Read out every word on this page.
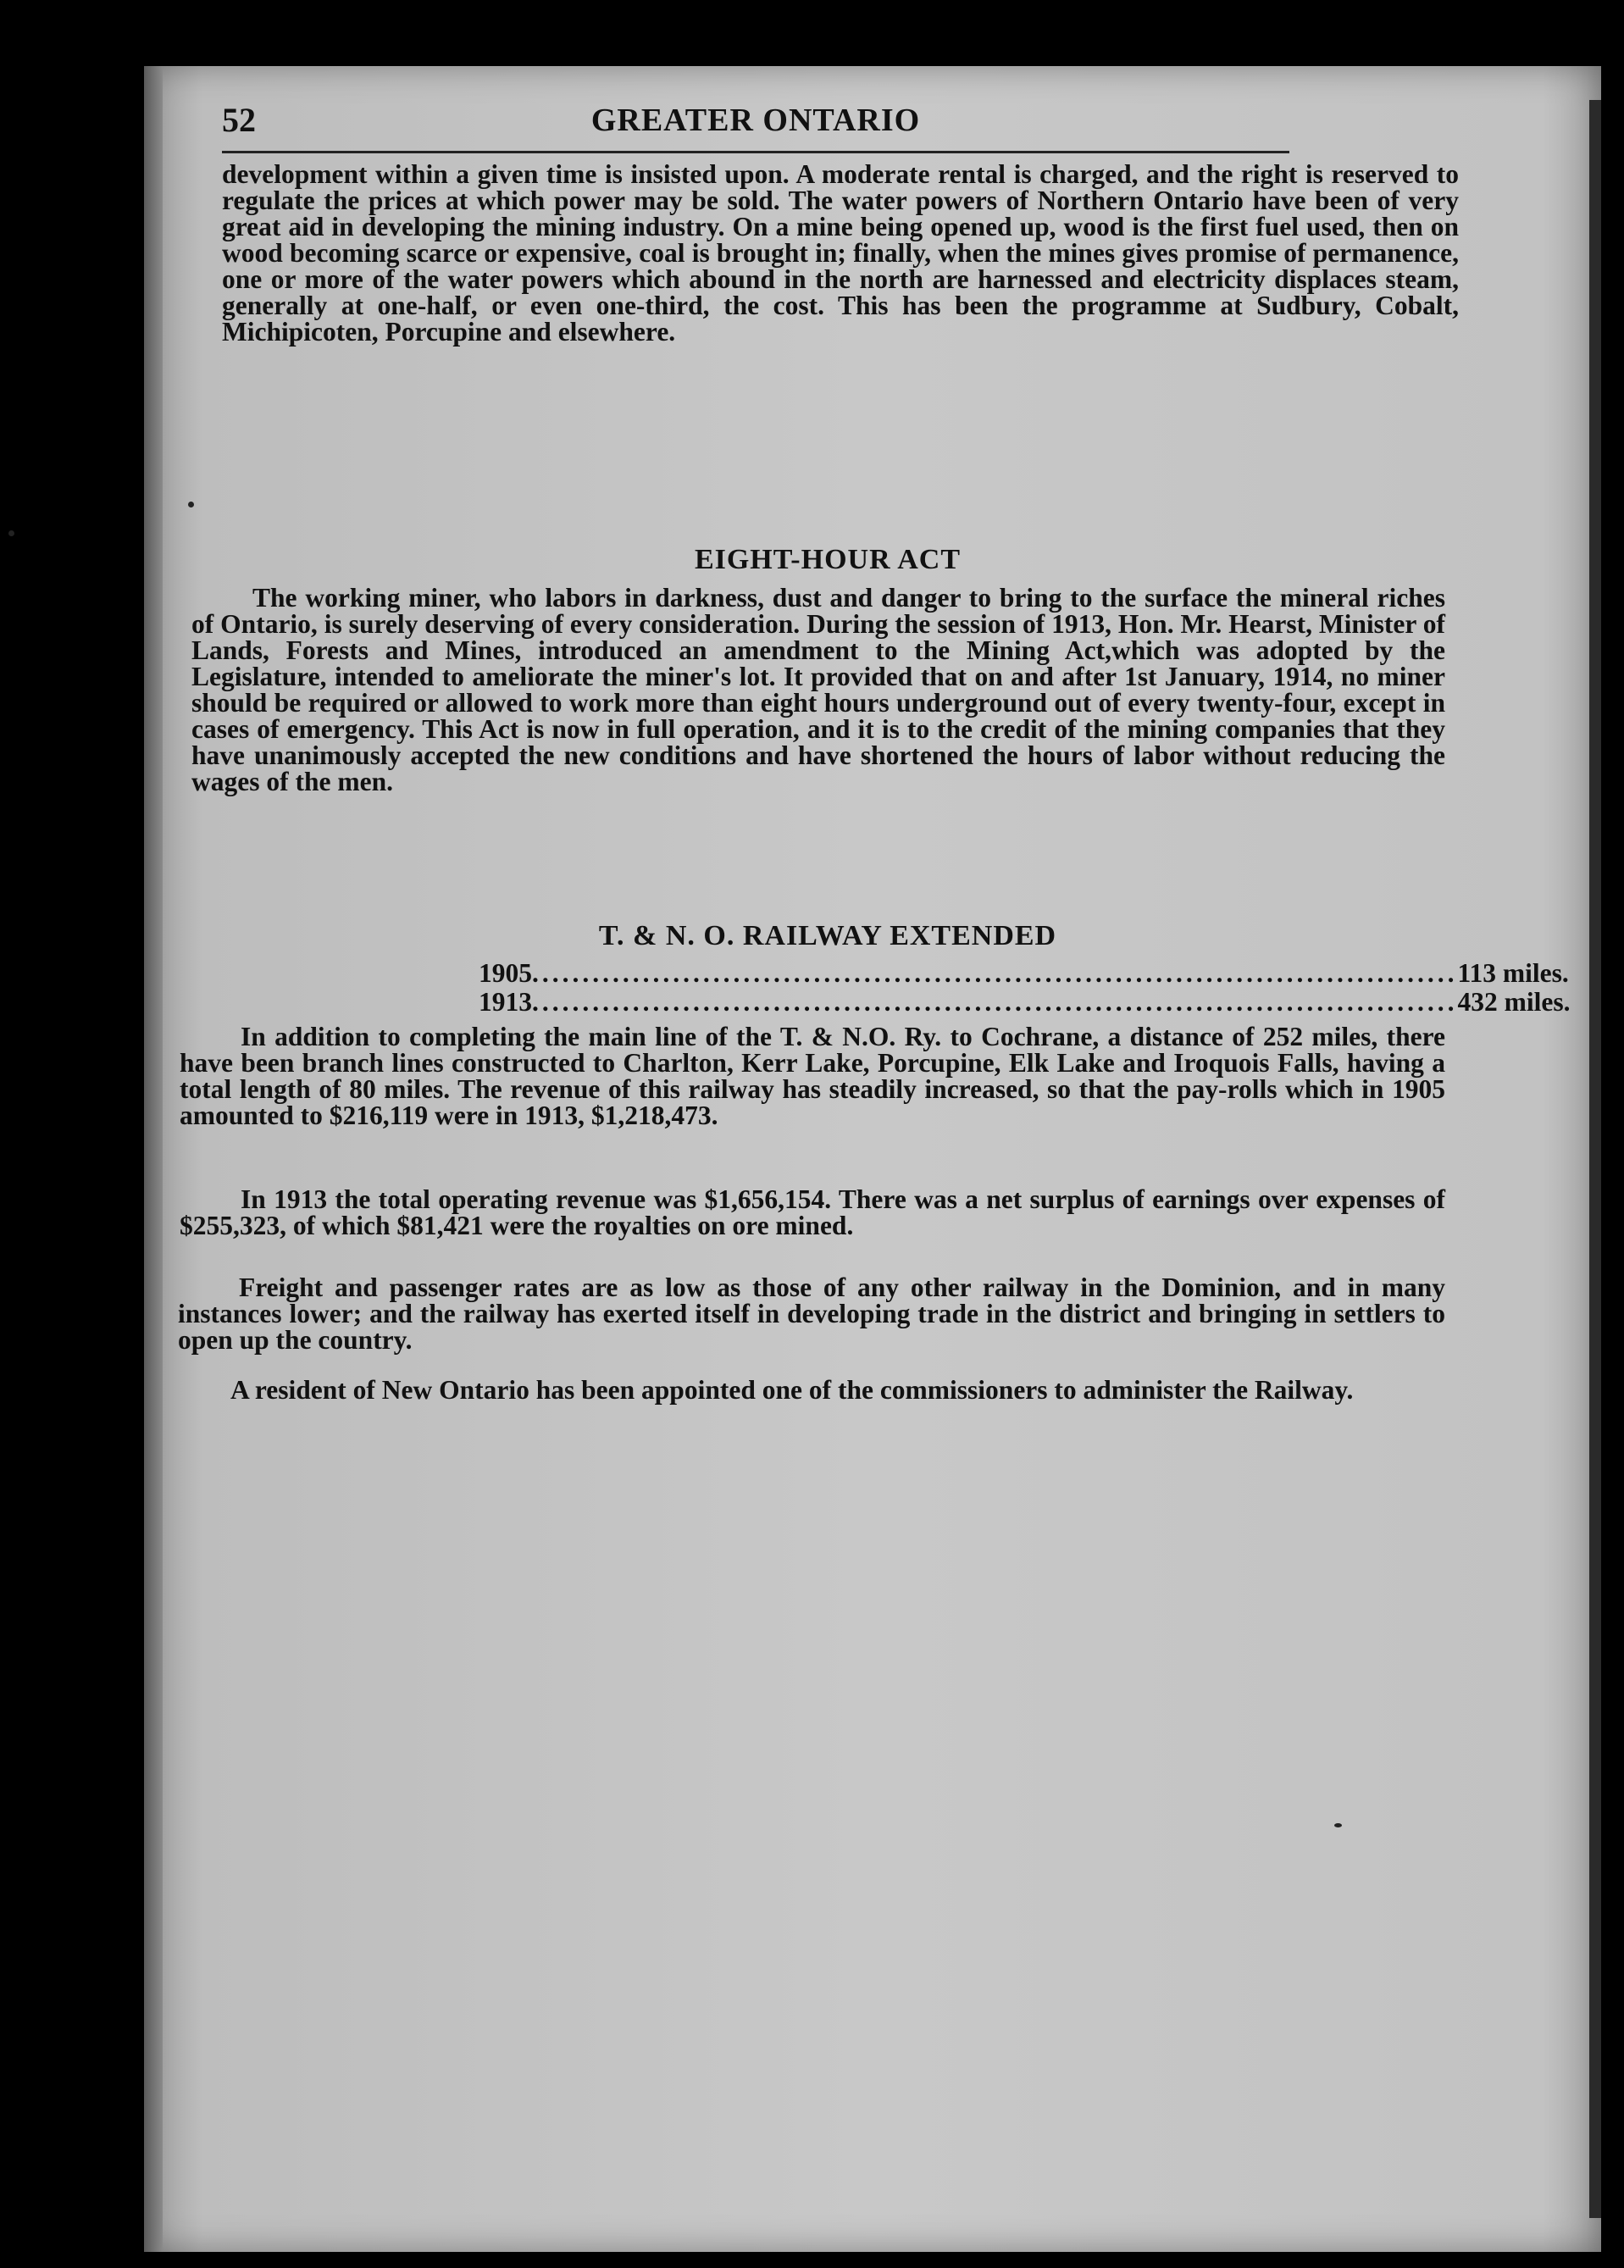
52	GREATER ONTARIO

development within a given time is insisted upon. A moderate rental is charged, and the right is reserved to regulate the prices at which power may be sold. The water powers of Northern Ontario have been of very great aid in developing the mining industry. On a mine being opened up, wood is the first fuel used, then on wood becoming scarce or expensive, coal is brought in; finally, when the mines gives promise of permanence, one or more of the water powers which abound in the north are harnessed and electricity displaces steam, generally at one-half, or even one-third, the cost. This has been the programme at Sudbury, Cobalt, Michipicoten, Porcupine and elsewhere.

EIGHT-HOUR ACT

The working miner, who labors in darkness, dust and danger to bring to the surface the mineral riches of Ontario, is surely deserving of every consideration. During the session of 1913, Hon. Mr. Hearst, Minister of Lands, Forests and Mines, introduced an amendment to the Mining Act,which was adopted by the Legislature, intended to ameliorate the miner's lot. It provided that on and after 1st January, 1914, no miner should be required or allowed to work more than eight hours underground out of every twenty-four, except in cases of emergency. This Act is now in full operation, and it is to the credit of the mining companies that they have unanimously accepted the new conditions and have shortened the hours of labor without reducing the wages of the men.

T. & N. O. RAILWAY EXTENDED
1905 ............................................................................................ 113 miles.
1913 ............................................................................................ 432 miles.

In addition to completing the main line of the T. & N.O. Ry. to Cochrane, a distance of 252 miles, there have been branch lines constructed to Charlton, Kerr Lake, Porcupine, Elk Lake and Iroquois Falls, having a total length of 80 miles. The revenue of this railway has steadily increased, so that the pay-rolls which in 1905 amounted to $216,119 were in 1913, $1,218,473.

In 1913 the total operating revenue was $1,656,154. There was a net surplus of earnings over expenses of $255,323, of which $81,421 were the royalties on ore mined.

Freight and passenger rates are as low as those of any other railway in the Dominion, and in many instances lower; and the railway has exerted itself in developing trade in the district and bringing in settlers to open up the country.

A resident of New Ontario has been appointed one of the commissioners to administer the Railway.
